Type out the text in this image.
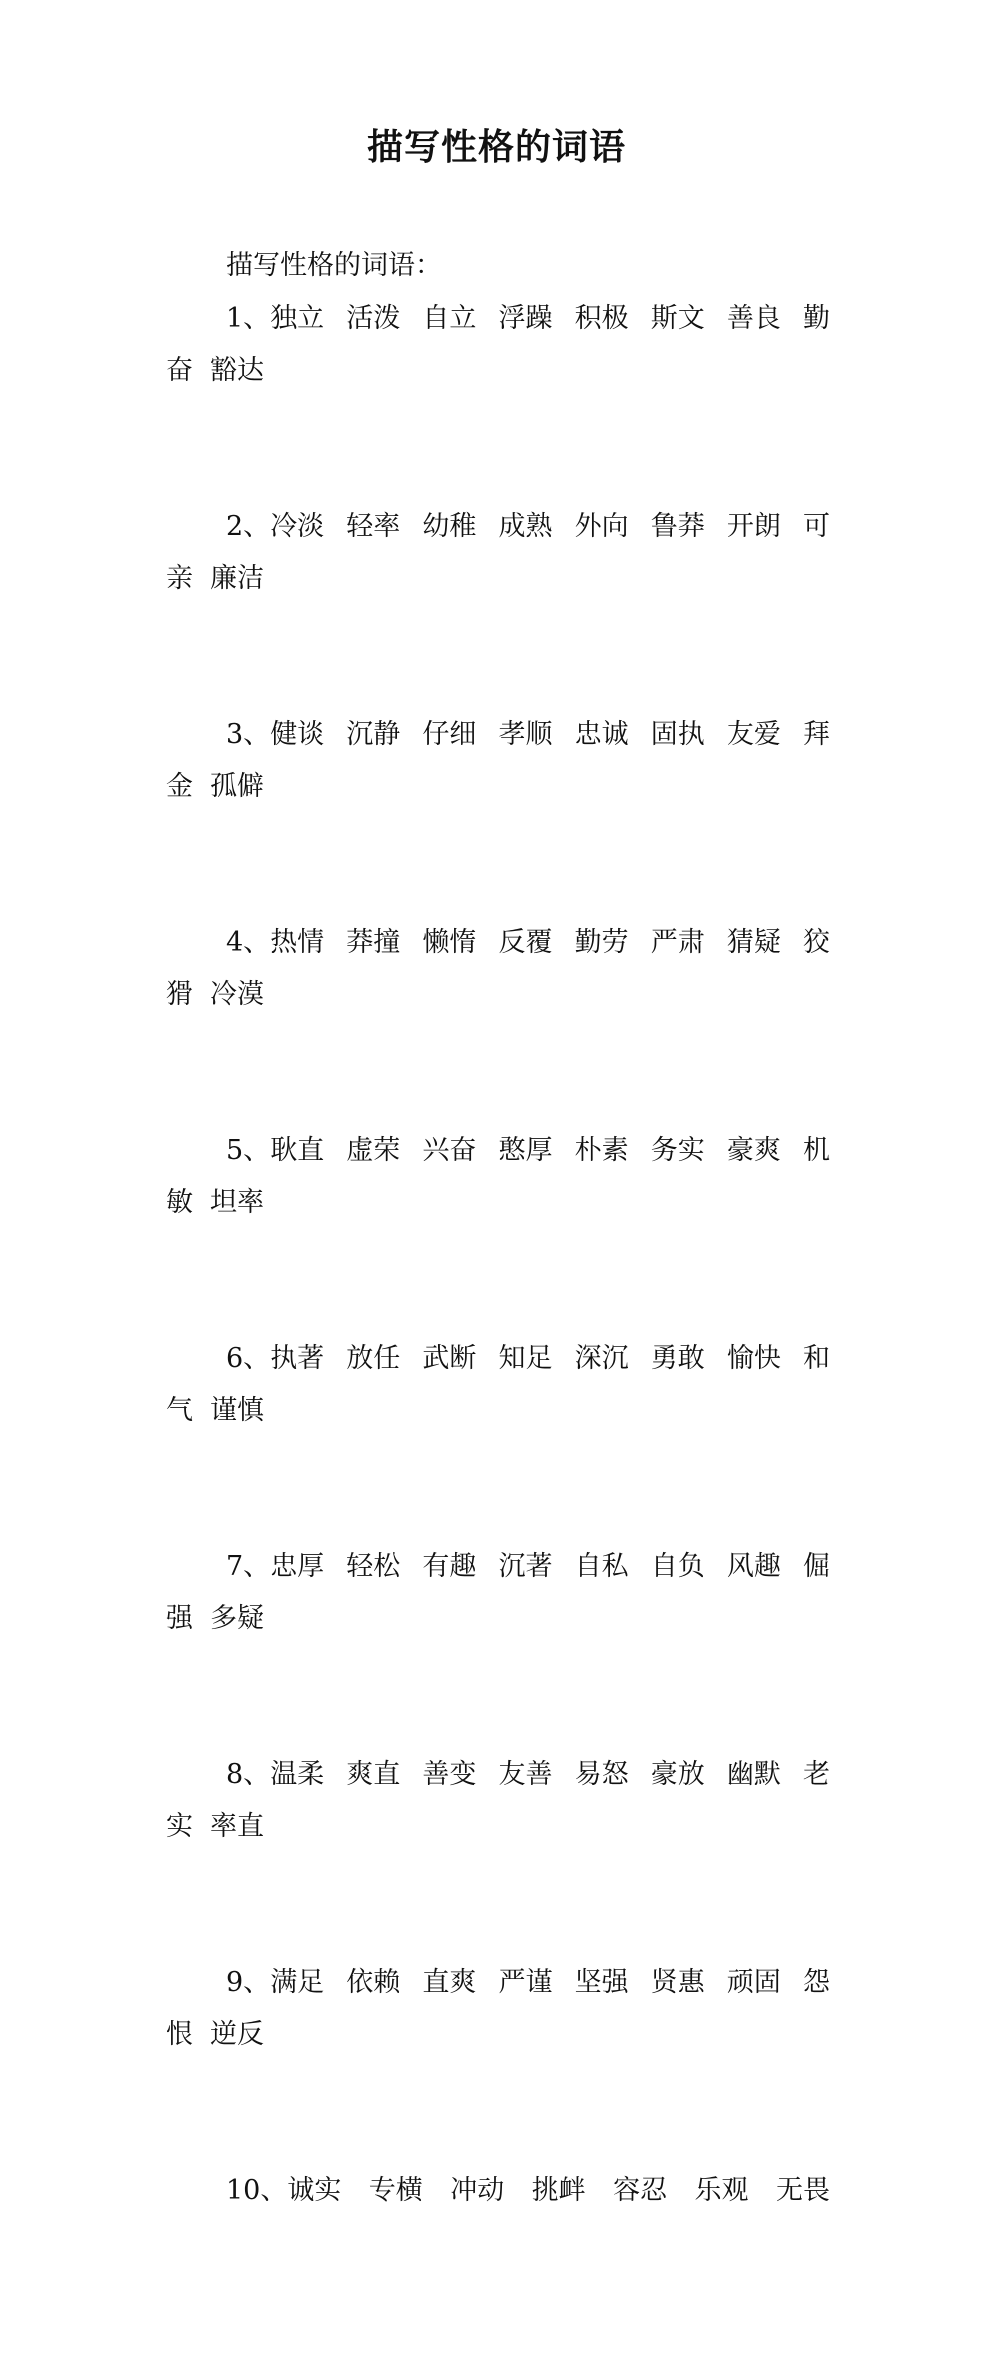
描写性格的词语
描写性格的词语：
1、独立 活泼 自立 浮躁 积极 斯文 善良 勤
奋 豁达
2、冷淡 轻率 幼稚 成熟 外向 鲁莽 开朗 可
亲 廉洁
3、健谈 沉静 仔细 孝顺 忠诚 固执 友爱 拜
金 孤僻
4、热情 莽撞 懒惰 反覆 勤劳 严肃 猜疑 狡
猾 冷漠
5、耿直 虚荣 兴奋 憨厚 朴素 务实 豪爽 机
敏 坦率
6、执著 放任 武断 知足 深沉 勇敢 愉快 和
气 谨慎
7、忠厚 轻松 有趣 沉著 自私 自负 风趣 倔
强 多疑
8、温柔 爽直 善变 友善 易怒 豪放 幽默 老
实 率直
9、满足 依赖 直爽 严谨 坚强 贤惠 顽固 怨
恨 逆反
10、诚实 专横 冲动 挑衅 容忍 乐观 无畏
